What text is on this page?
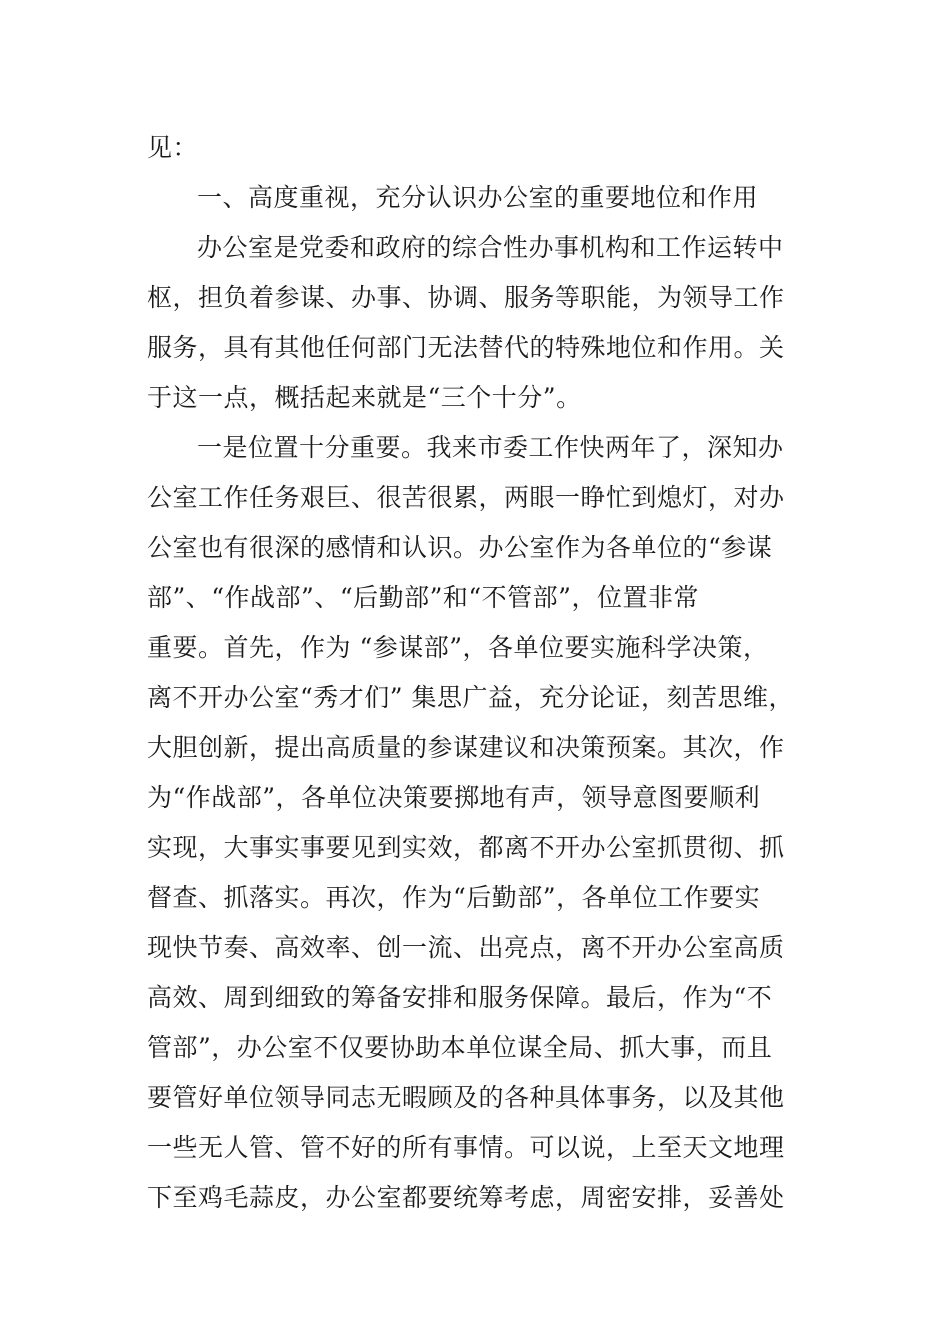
见：
一、高度重视，充分认识办公室的重要地位和作用
办公室是党委和政府的综合性办事机构和工作运转中
枢，担负着参谋、办事、协调、服务等职能，为领导工作
服务，具有其他任何部门无法替代的特殊地位和作用。关
于这一点，概括起来就是“三个十分”。
一是位置十分重要。我来市委工作快两年了，深知办
公室工作任务艰巨、很苦很累，两眼一睁忙到熄灯，对办
公室也有很深的感情和认识。办公室作为各单位的“参谋
部”、“作战部”、“后勤部”和“不管部”，位置非常
重要。首先，作为 “参谋部”，各单位要实施科学决策，
离不开办公室“秀才们” 集思广益，充分论证，刻苦思维，
大胆创新，提出高质量的参谋建议和决策预案。其次，作
为“作战部”，各单位决策要掷地有声，领导意图要顺利
实现，大事实事要见到实效，都离不开办公室抓贯彻、抓
督查、抓落实。再次，作为“后勤部”，各单位工作要实
现快节奏、高效率、创一流、出亮点，离不开办公室高质
高效、周到细致的筹备安排和服务保障。最后，作为“不
管部”，办公室不仅要协助本单位谋全局、抓大事，而且
要管好单位领导同志无暇顾及的各种具体事务，以及其他
一些无人管、管不好的所有事情。可以说，上至天文地理
下至鸡毛蒜皮，办公室都要统筹考虑，周密安排，妥善处
